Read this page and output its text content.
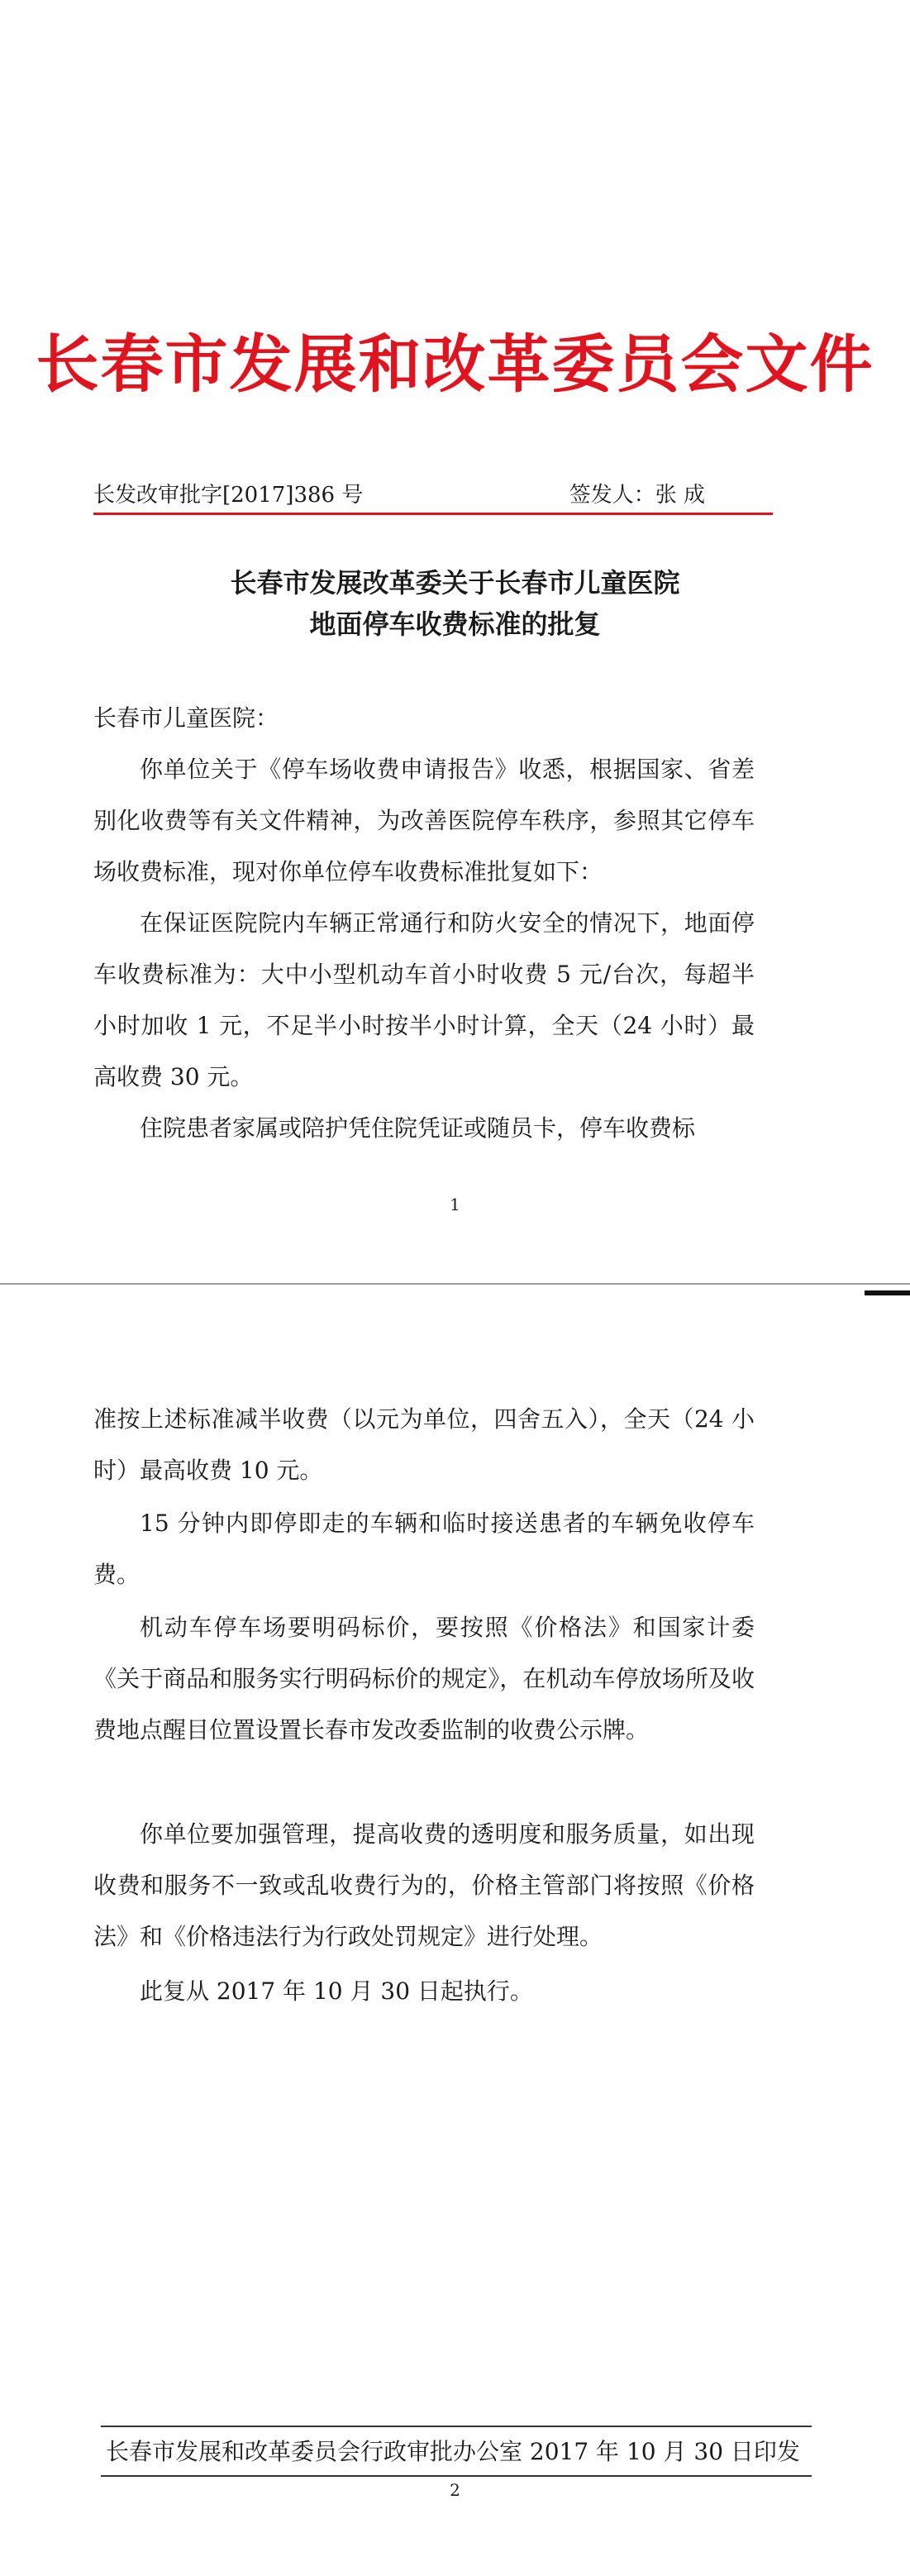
长春市发展和改革委员会文件
长发改审批字[2017]386 号	签发人：张 成
长春市发展改革委关于长春市儿童医院
地面停车收费标准的批复

长春市儿童医院：

你单位关于《停车场收费申请报告》收悉，根据国家、省差别化收费等有关文件精神，为改善医院停车秩序，参照其它停车场收费标准，现对你单位停车收费标准批复如下：

在保证医院院内车辆正常通行和防火安全的情况下，地面停车收费标准为：大中小型机动车首小时收费 5 元/台次，每超半小时加收 1 元，不足半小时按半小时计算，全天（24 小时）最高收费 30 元。

住院患者家属或陪护凭住院凭证或随员卡，停车收费标

1

准按上述标准减半收费（以元为单位，四舍五入），全天（24 小时）最高收费 10 元。

15 分钟内即停即走的车辆和临时接送患者的车辆免收停车费。

机动车停车场要明码标价，要按照《价格法》和国家计委《关于商品和服务实行明码标价的规定》，在机动车停放场所及收费地点醒目位置设置长春市发改委监制的收费公示牌。

你单位要加强管理，提高收费的透明度和服务质量，如出现收费和服务不一致或乱收费行为的，价格主管部门将按照《价格法》和《价格违法行为行政处罚规定》进行处理。

此复从 2017 年 10 月 30 日起执行。

长春市发展和改革委员会行政审批办公室 2017 年 10 月 30 日印发
2
